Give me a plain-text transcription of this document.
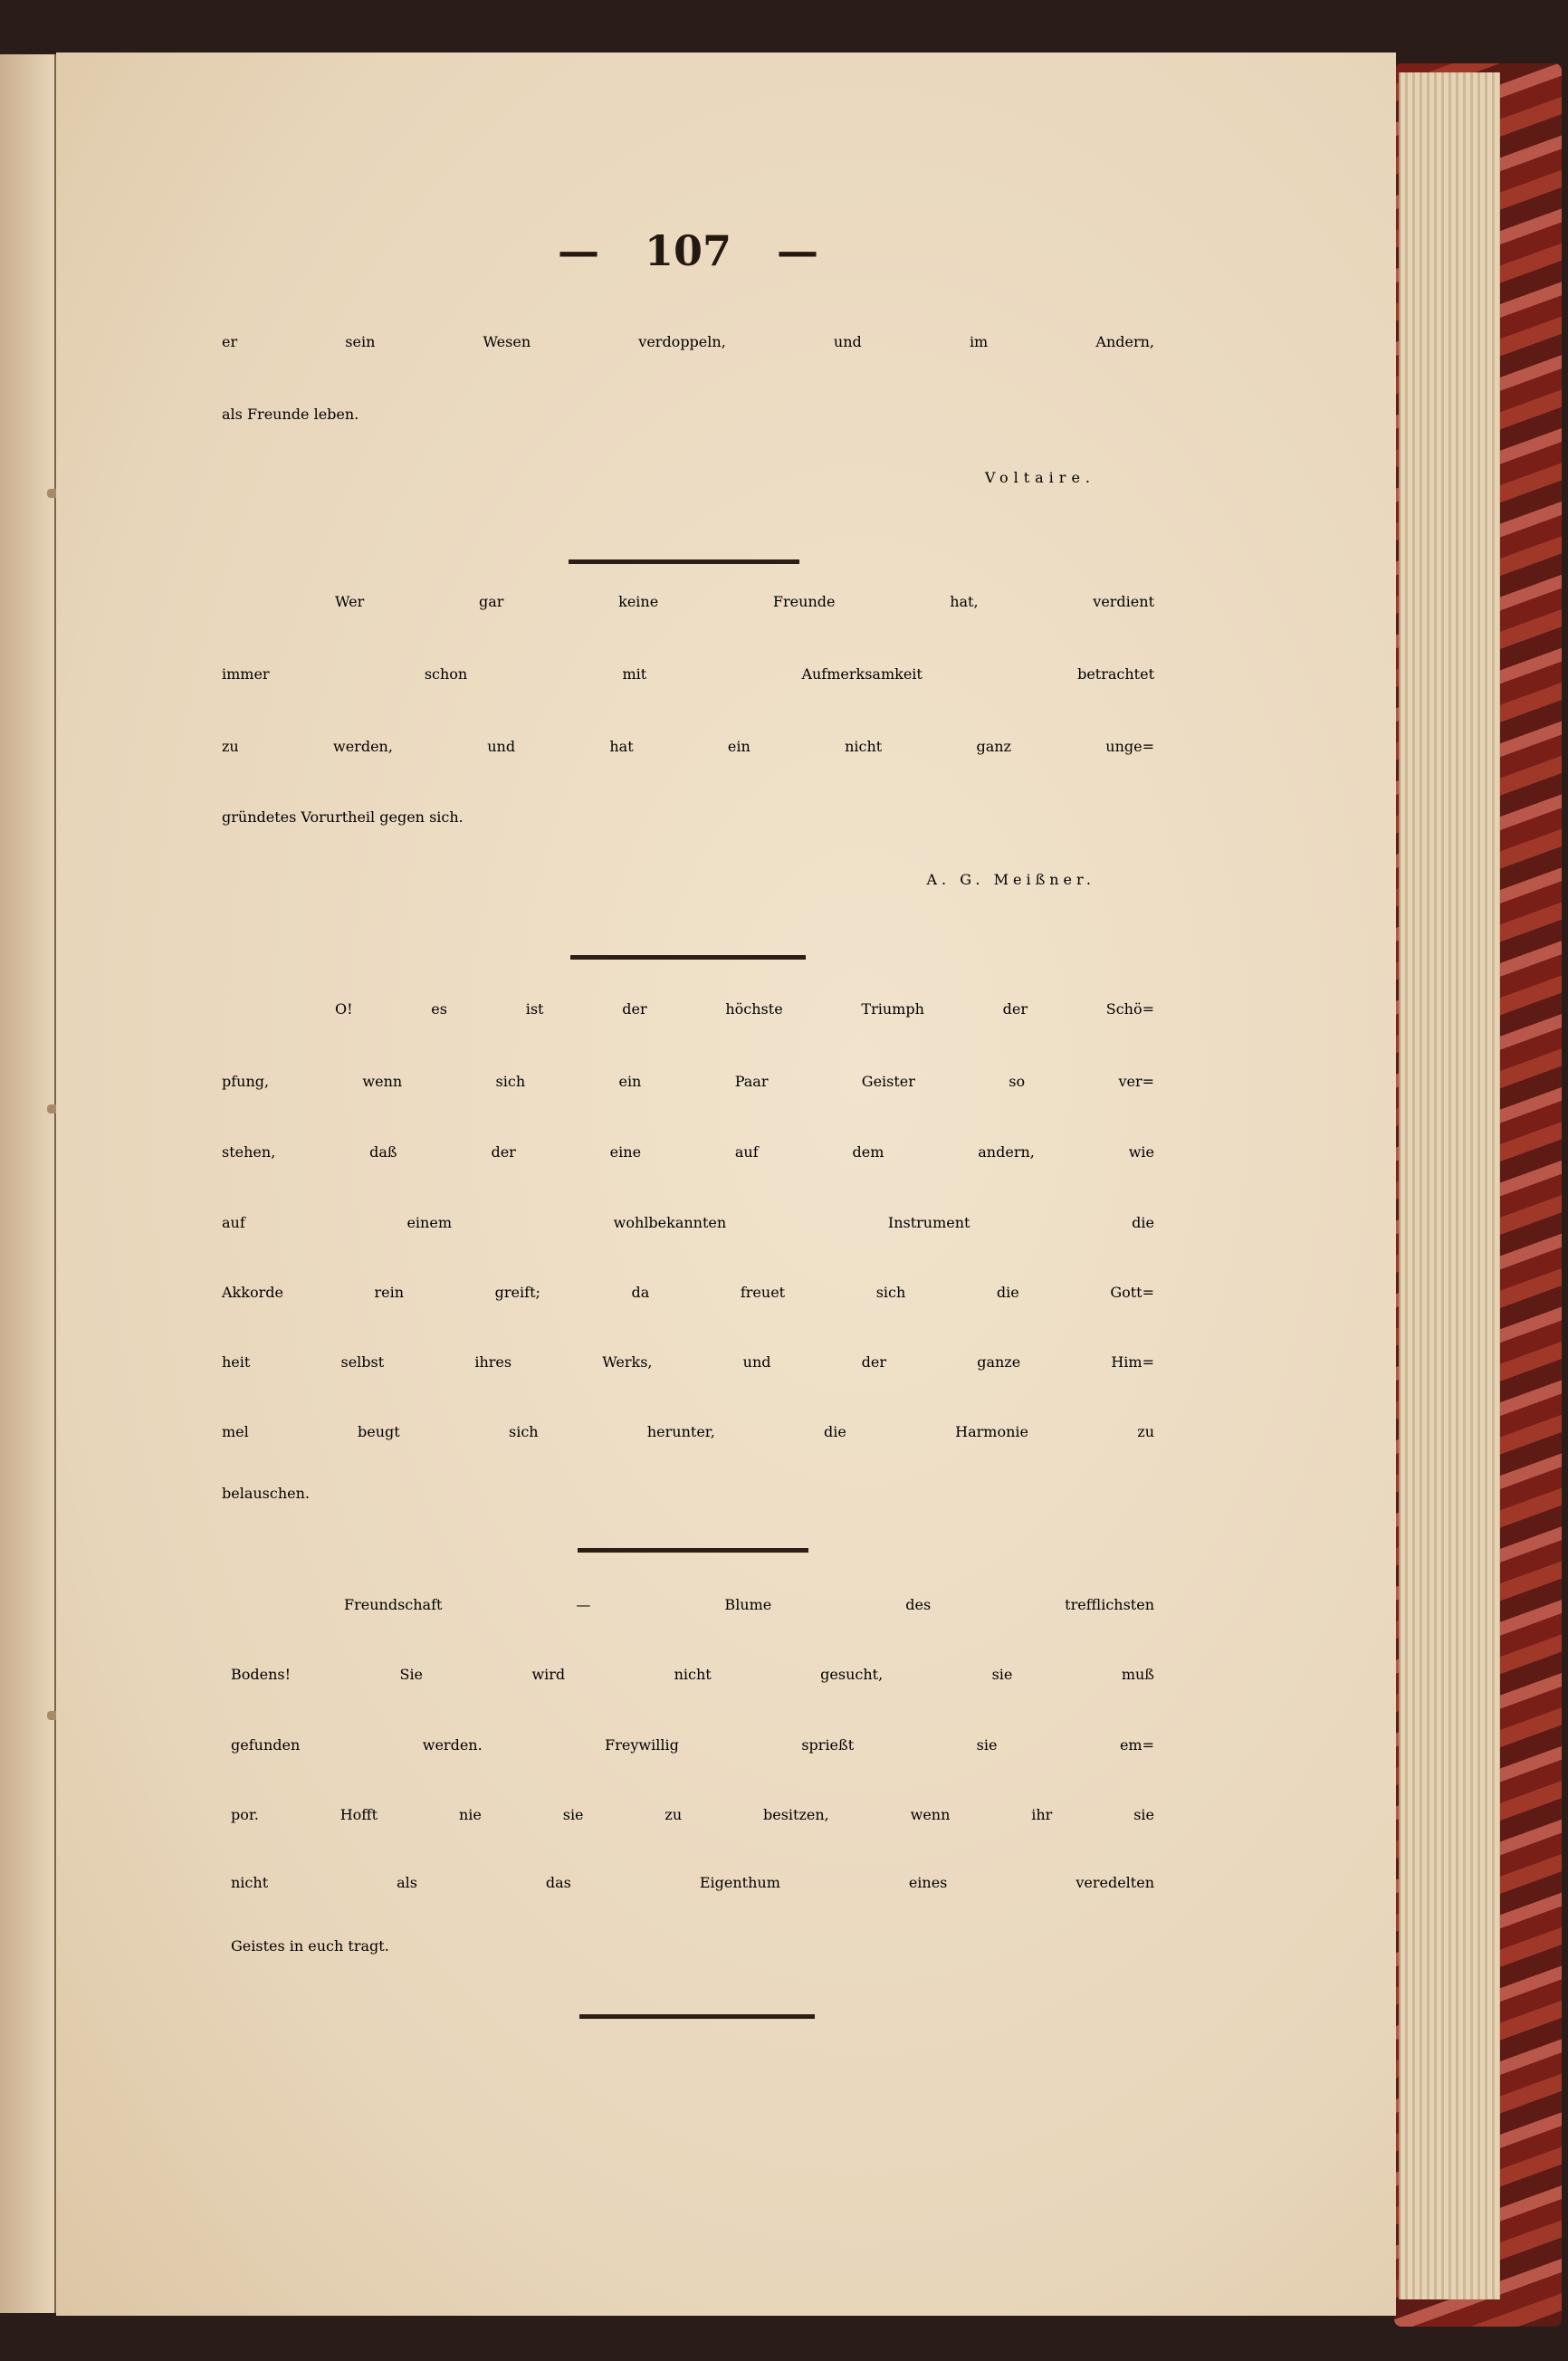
— 107 —
er sein Wesen verdoppeln, und im Andern,
als Freunde leben.
Voltaire.
Wer gar keine Freunde hat, verdient
immer schon mit Aufmerksamkeit betrachtet
zu werden, und hat ein nicht ganz unge=
gründetes Vorurtheil gegen sich.
A. G. Meißner.
O! es ist der höchste Triumph der Schö=
pfung, wenn sich ein Paar Geister so ver=
stehen, daß der eine auf dem andern, wie
auf einem wohlbekannten Instrument die
Akkorde rein greift; da freuet sich die Gott=
heit selbst ihres Werks, und der ganze Him=
mel beugt sich herunter, die Harmonie zu
belauschen.
Freundschaft — Blume des trefflichsten
Bodens! Sie wird nicht gesucht, sie muß
gefunden werden. Freywillig sprießt sie em=
por. Hofft nie sie zu besitzen, wenn ihr sie
nicht als das Eigenthum eines veredelten
Geistes in euch tragt.
